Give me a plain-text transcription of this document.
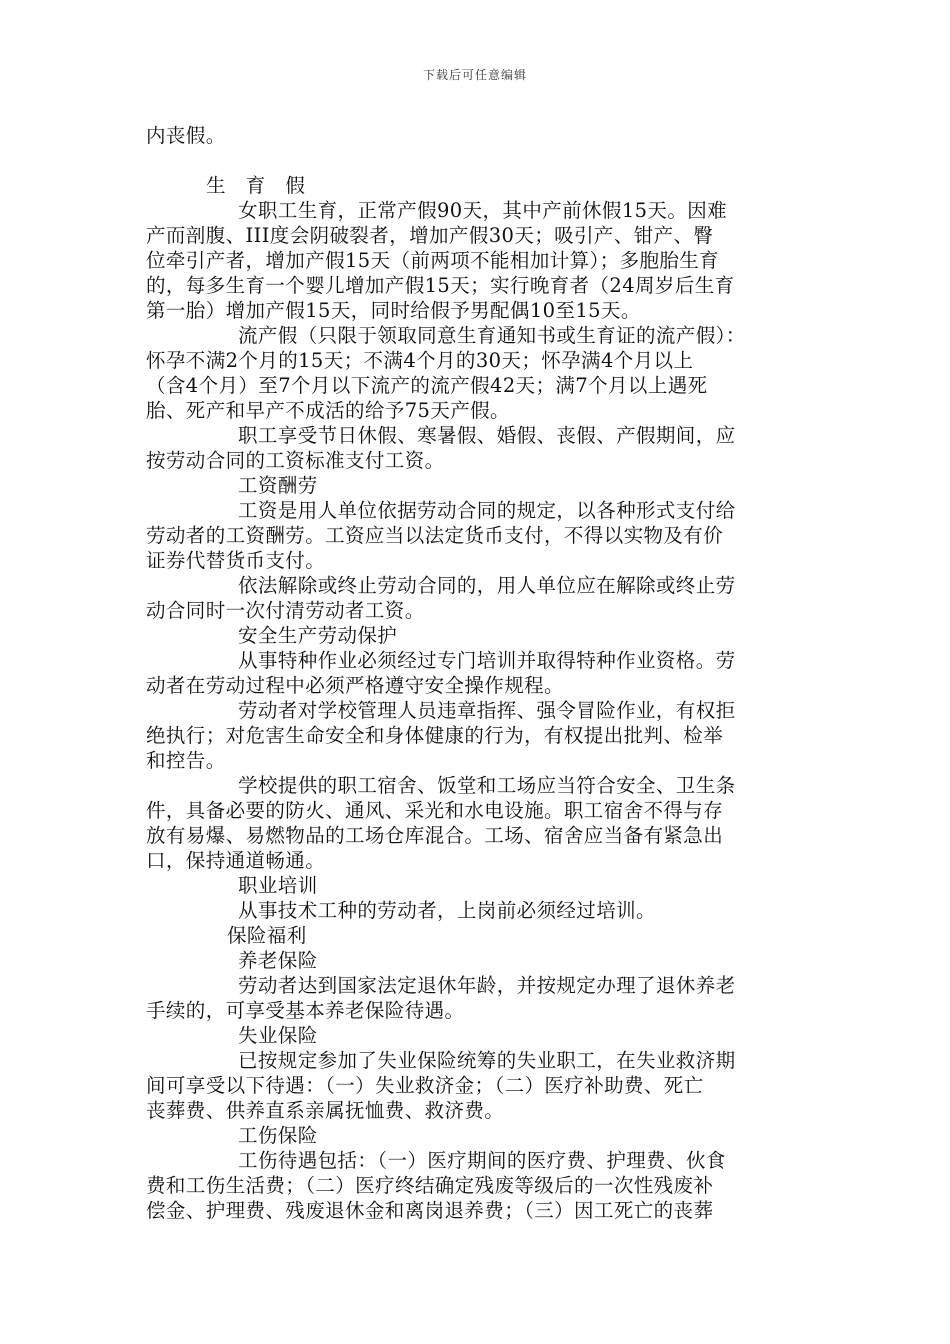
下载后可任意编辑
内丧假。
生 育 假
女职工生育，正常产假90天，其中产前休假15天。因难
产而剖腹、III度会阴破裂者，增加产假30天；吸引产、钳产、臀
位牵引产者，增加产假15天（前两项不能相加计算）；多胞胎生育
的，每多生育一个婴儿增加产假15天；实行晚育者（24周岁后生育
第一胎）增加产假15天，同时给假予男配偶10至15天。
流产假（只限于领取同意生育通知书或生育证的流产假）：
怀孕不满2个月的15天；不满4个月的30天；怀孕满4个月以上
（含4个月）至7个月以下流产的流产假42天；满7个月以上遇死
胎、死产和早产不成活的给予75天产假。
职工享受节日休假、寒暑假、婚假、丧假、产假期间，应
按劳动合同的工资标准支付工资。
工资酬劳
工资是用人单位依据劳动合同的规定，以各种形式支付给
劳动者的工资酬劳。工资应当以法定货币支付，不得以实物及有价
证券代替货币支付。
依法解除或终止劳动合同的，用人单位应在解除或终止劳
动合同时一次付清劳动者工资。
安全生产劳动保护
从事特种作业必须经过专门培训并取得特种作业资格。劳
动者在劳动过程中必须严格遵守安全操作规程。
劳动者对学校管理人员违章指挥、强令冒险作业，有权拒
绝执行；对危害生命安全和身体健康的行为，有权提出批判、检举
和控告。
学校提供的职工宿舍、饭堂和工场应当符合安全、卫生条
件，具备必要的防火、通风、采光和水电设施。职工宿舍不得与存
放有易爆、易燃物品的工场仓库混合。工场、宿舍应当备有紧急出
口，保持通道畅通。
职业培训
从事技术工种的劳动者，上岗前必须经过培训。
保险福利
养老保险
劳动者达到国家法定退休年龄，并按规定办理了退休养老
手续的，可享受基本养老保险待遇。
失业保险
已按规定参加了失业保险统筹的失业职工，在失业救济期
间可享受以下待遇：（一）失业救济金；（二）医疗补助费、死亡
丧葬费、供养直系亲属抚恤费、救济费。
工伤保险
工伤待遇包括：（一）医疗期间的医疗费、护理费、伙食
费和工伤生活费；（二）医疗终结确定残废等级后的一次性残废补
偿金、护理费、残废退休金和离岗退养费；（三）因工死亡的丧葬
